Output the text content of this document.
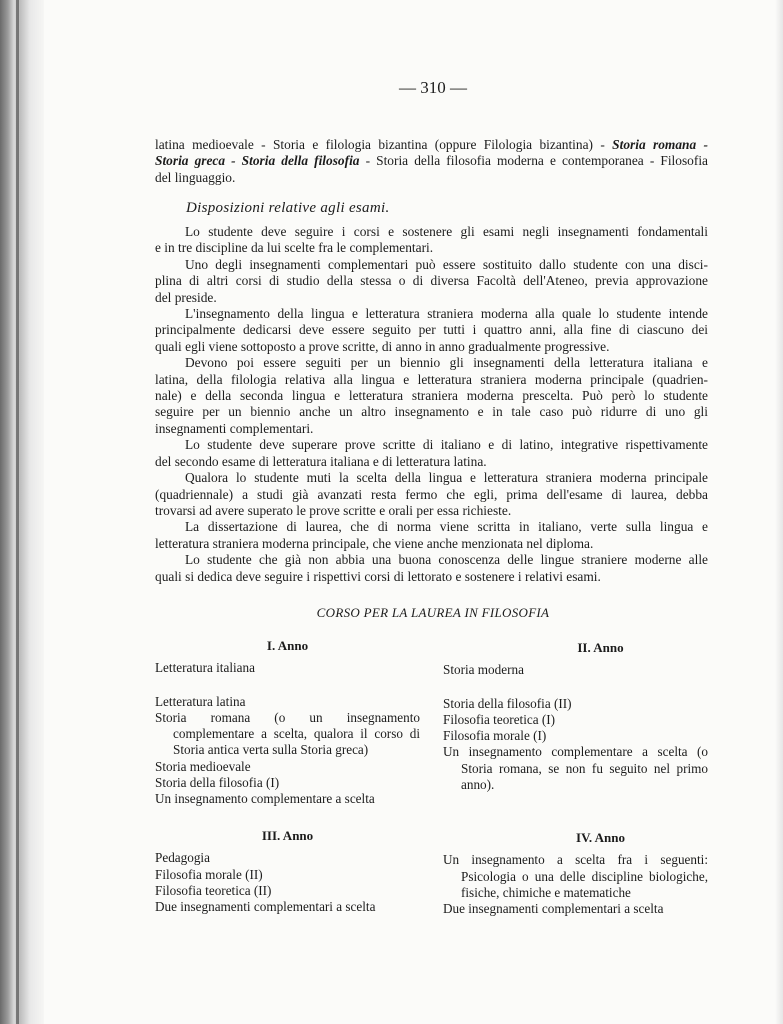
— 310 —
latina medioevale - Storia e filologia bizantina (oppure Filologia bizantina) - Storia romana -
Storia greca - Storia della filosofia - Storia della filosofia moderna e contemporanea - Filosofia
del linguaggio.
Disposizioni relative agli esami.
Lo studente deve seguire i corsi e sostenere gli esami negli insegnamenti fondamentali
e in tre discipline da lui scelte fra le complementari.
Uno degli insegnamenti complementari può essere sostituito dallo studente con una disci-
plina di altri corsi di studio della stessa o di diversa Facoltà dell'Ateneo, previa approvazione
del preside.
L'insegnamento della lingua e letteratura straniera moderna alla quale lo studente intende
principalmente dedicarsi deve essere seguito per tutti i quattro anni, alla fine di ciascuno dei
quali egli viene sottoposto a prove scritte, di anno in anno gradualmente progressive.
Devono poi essere seguiti per un biennio gli insegnamenti della letteratura italiana e
latina, della filologia relativa alla lingua e letteratura straniera moderna principale (quadrien-
nale) e della seconda lingua e letteratura straniera moderna prescelta. Può però lo studente
seguire per un biennio anche un altro insegnamento e in tale caso può ridurre di uno gli
insegnamenti complementari.
Lo studente deve superare prove scritte di italiano e di latino, integrative rispettivamente
del secondo esame di letteratura italiana e di letteratura latina.
Qualora lo studente muti la scelta della lingua e letteratura straniera moderna principale
(quadriennale) a studi già avanzati resta fermo che egli, prima dell'esame di laurea, debba
trovarsi ad avere superato le prove scritte e orali per essa richieste.
La dissertazione di laurea, che di norma viene scritta in italiano, verte sulla lingua e
letteratura straniera moderna principale, che viene anche menzionata nel diploma.
Lo studente che già non abbia una buona conoscenza delle lingue straniere moderne alle
quali si dedica deve seguire i rispettivi corsi di lettorato e sostenere i relativi esami.
CORSO PER LA LAUREA IN FILOSOFIA
I. Anno
Letteratura italiana
Letteratura latina
Storia romana (o un insegnamento complementare a scelta, qualora il corso di Storia antica verta sulla Storia greca)
Storia medioevale
Storia della filosofia (I)
Un insegnamento complementare a scelta
II. Anno
Storia moderna
Storia della filosofia (II)
Filosofia teoretica (I)
Filosofia morale (I)
Un insegnamento complementare a scelta (o Storia romana, se non fu seguito nel primo anno).
III. Anno
Pedagogia
Filosofia morale (II)
Filosofia teoretica (II)
Due insegnamenti complementari a scelta
IV. Anno
Un insegnamento a scelta fra i seguenti: Psicologia o una delle discipline biologiche, fisiche, chimiche e matematiche
Due insegnamenti complementari a scelta
